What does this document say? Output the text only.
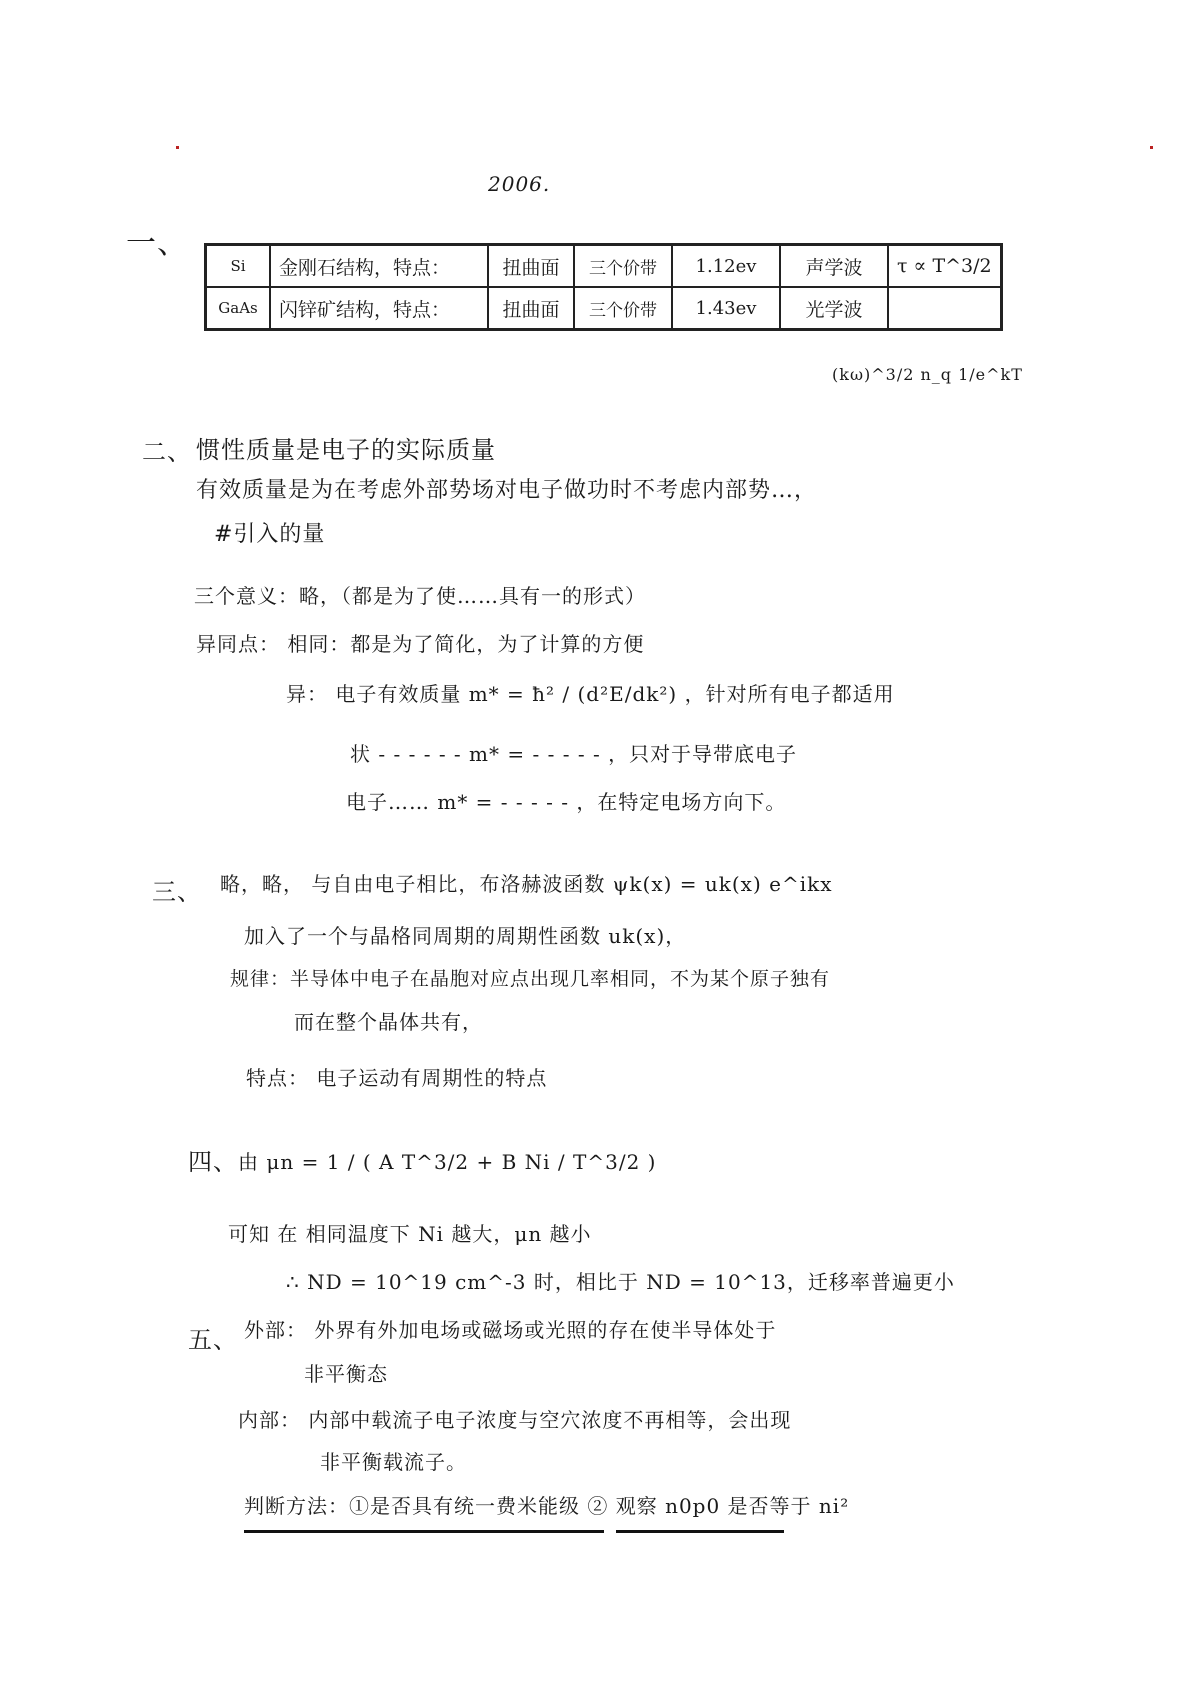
2006.
一、
Si	金刚石结构，特点：	扭曲面	三个价带	1.12ev	声学波	τ ∝ T^3/2
GaAs	闪锌矿结构，特点：	扭曲面	三个价带	1.43ev	光学波	
(kω)^3/2 n_q 1/e^kT
二、 惯性质量是电子的实际质量
有效质量是为在考虑外部势场对电子做功时不考虑内部势…，
#引入的量
三个意义：略，（都是为了使……具有一的形式）
异同点： 相同：都是为了简化，为了计算的方便
异： 电子有效质量 m* = ħ² / (d²E/dk²) ，针对所有电子都适用
状 - - - - - - m* = - - - - - ，只对于导带底电子
电子…… m* = - - - - - ，在特定电场方向下。
三、 略，略， 与自由电子相比，布洛赫波函数 ψk(x) = uk(x) e^ikx
加入了一个与晶格同周期的周期性函数 uk(x)，
规律：半导体中电子在晶胞对应点出现几率相同，不为某个原子独有
而在整个晶体共有，
特点： 电子运动有周期性的特点
四、 由 μn = 1 / ( A T^3/2 + B Ni / T^3/2 )
可知 在 相同温度下 Ni 越大，μn 越小
∴ ND = 10^19 cm^-3 时，相比于 ND = 10^13，迁移率普遍更小
五、 外部： 外界有外加电场或磁场或光照的存在使半导体处于
非平衡态
内部： 内部中载流子电子浓度与空穴浓度不再相等，会出现
非平衡载流子。
判断方法：①是否具有统一费米能级 ② 观察 n0p0 是否等于 ni²
